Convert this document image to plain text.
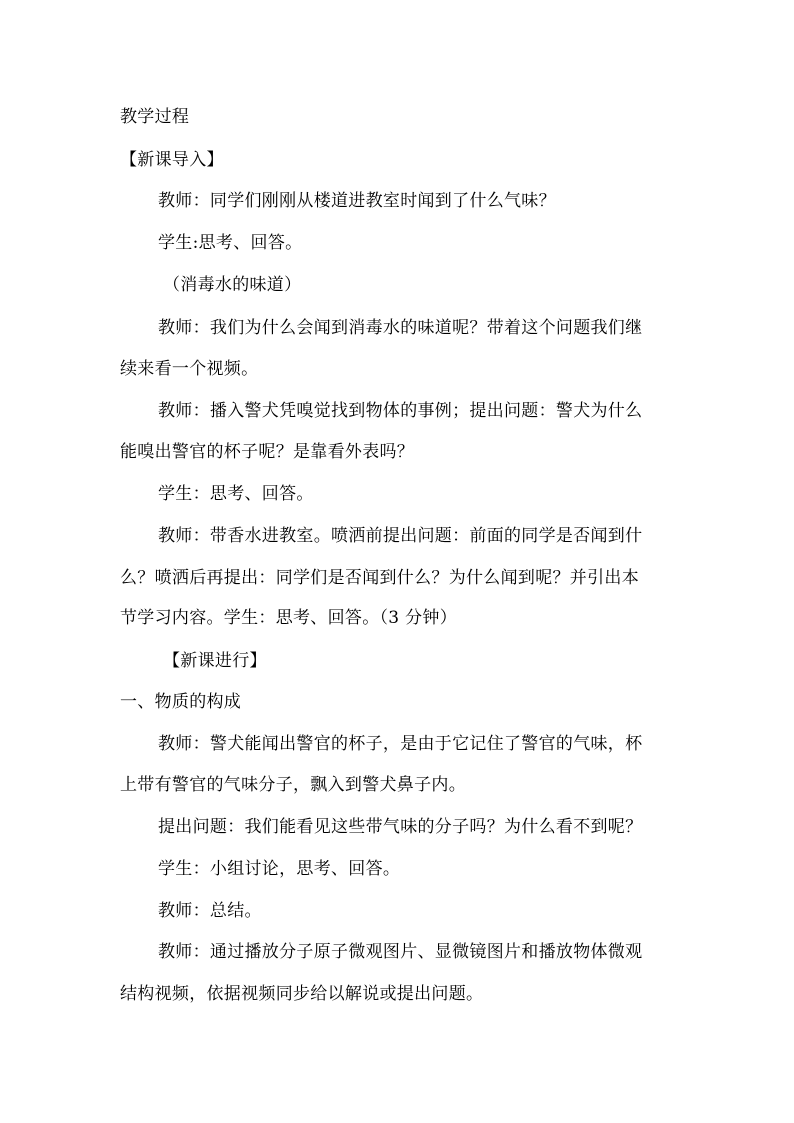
教学过程
【新课导入】
教师：同学们刚刚从楼道进教室时闻到了什么气味？
学生:思考、回答。
（消毒水的味道）
教师：我们为什么会闻到消毒水的味道呢？带着这个问题我们继
续来看一个视频。
教师：播入警犬凭嗅觉找到物体的事例；提出问题：警犬为什么
能嗅出警官的杯子呢？是靠看外表吗？
学生：思考、回答。
教师：带香水进教室。喷洒前提出问题：前面的同学是否闻到什
么？喷洒后再提出：同学们是否闻到什么？为什么闻到呢？并引出本
节学习内容。学生：思考、回答。（3 分钟）
【新课进行】
一、物质的构成
教师：警犬能闻出警官的杯子，是由于它记住了警官的气味，杯
上带有警官的气味分子，飘入到警犬鼻子内。
提出问题：我们能看见这些带气味的分子吗？为什么看不到呢？
学生：小组讨论，思考、回答。
教师：总结。
教师：通过播放分子原子微观图片、显微镜图片和播放物体微观
结构视频，依据视频同步给以解说或提出问题。
